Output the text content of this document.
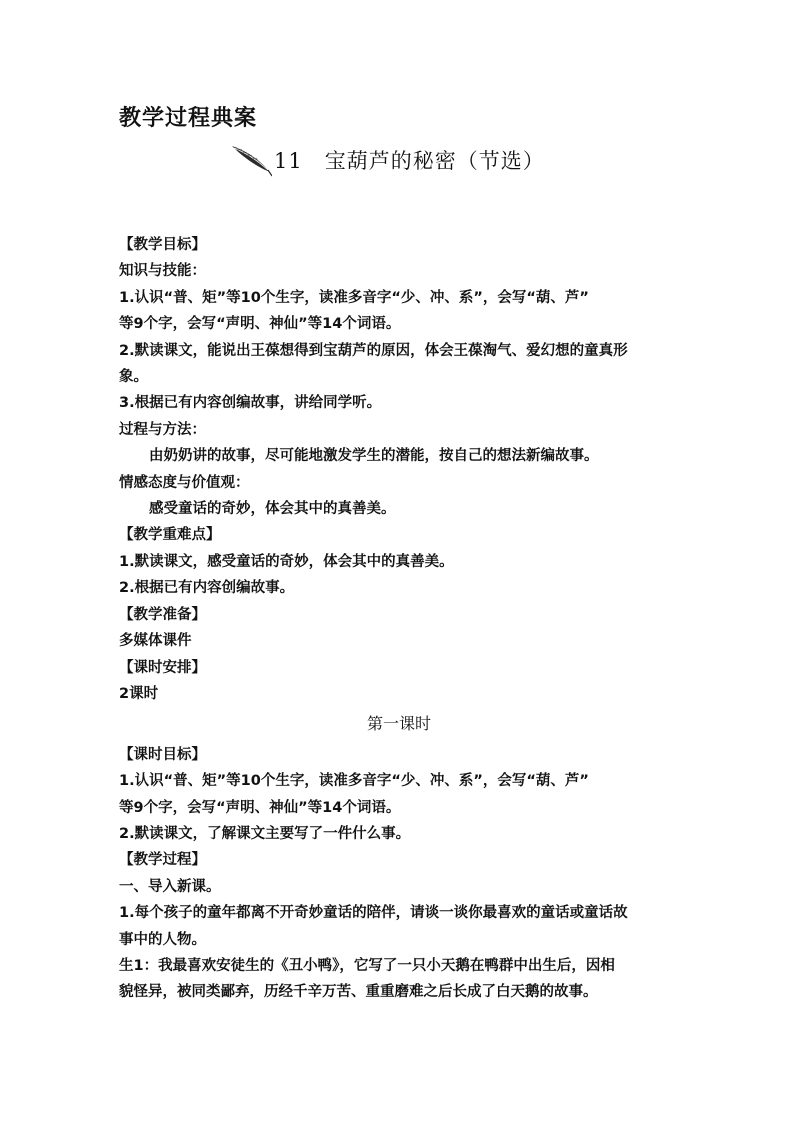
教学过程典案
11 宝葫芦的秘密（节选）

【教学目标】

知识与技能：

1.认识“普、矩”等10个生字，读准多音字“少、冲、系”，会写“葫、芦”

等9个字，会写“声明、神仙”等14个词语。

2.默读课文，能说出王葆想得到宝葫芦的原因，体会王葆淘气、爱幻想的童真形

象。

3.根据已有内容创编故事，讲给同学听。

过程与方法：

由奶奶讲的故事，尽可能地激发学生的潜能，按自己的想法新编故事。

情感态度与价值观：

感受童话的奇妙，体会其中的真善美。

【教学重难点】

1.默读课文，感受童话的奇妙，体会其中的真善美。

2.根据已有内容创编故事。

【教学准备】

多媒体课件

【课时安排】

2课时

第一课时

【课时目标】

1.认识“普、矩”等10个生字，读准多音字“少、冲、系”，会写“葫、芦”

等9个字，会写“声明、神仙”等14个词语。

2.默读课文，了解课文主要写了一件什么事。

【教学过程】

一、导入新课。

1.每个孩子的童年都离不开奇妙童话的陪伴，请谈一谈你最喜欢的童话或童话故

事中的人物。

生1：我最喜欢安徒生的《丑小鸭》，它写了一只小天鹅在鸭群中出生后，因相

貌怪异，被同类鄙弃，历经千辛万苦、重重磨难之后长成了白天鹅的故事。
